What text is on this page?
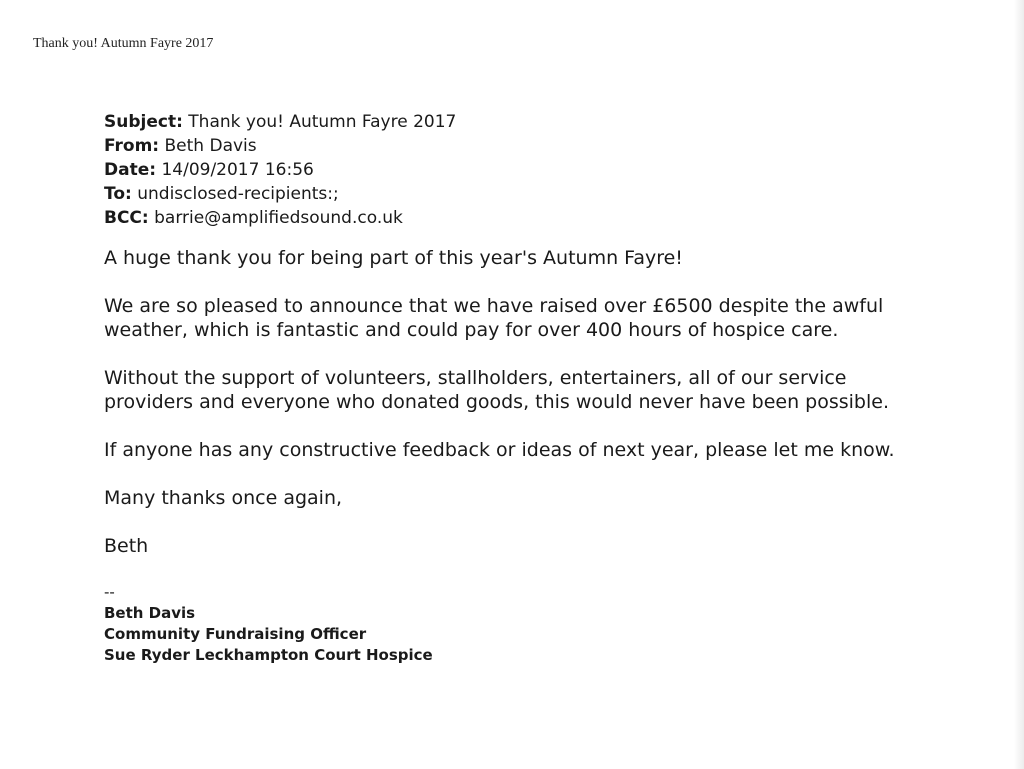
Thank you! Autumn Fayre 2017
Subject: Thank you! Autumn Fayre 2017
From: Beth Davis
Date: 14/09/2017 16:56
To: undisclosed-recipients:;
BCC: barrie@amplifiedsound.co.uk

A huge thank you for being part of this year's Autumn Fayre!

We are so pleased to announce that we have raised over £6500 despite the awful weather, which is fantastic and could pay for over 400 hours of hospice care.

Without the support of volunteers, stallholders, entertainers, all of our service providers and everyone who donated goods, this would never have been possible.

If anyone has any constructive feedback or ideas of next year, please let me know.

Many thanks once again,

Beth

--
Beth Davis
Community Fundraising Officer
Sue Ryder Leckhampton Court Hospice
